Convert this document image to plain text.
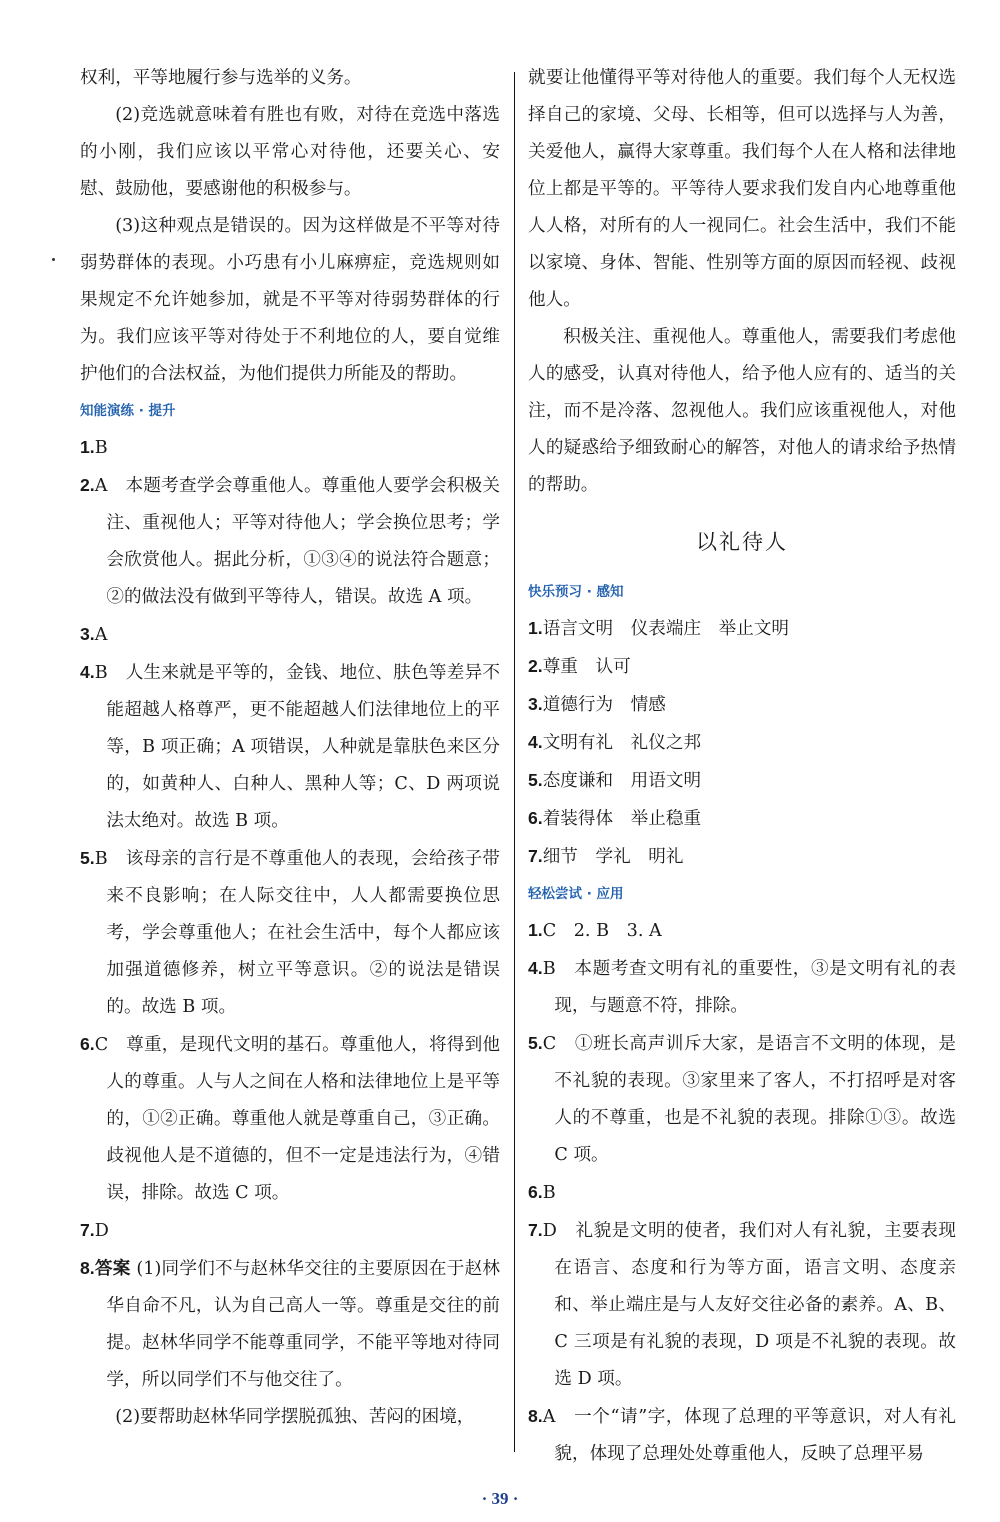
权利，平等地履行参与选举的义务。
(2)竞选就意味着有胜也有败，对待在竞选中落选的小刚，我们应该以平常心对待他，还要关心、安慰、鼓励他，要感谢他的积极参与。
(3)这种观点是错误的。因为这样做是不平等对待弱势群体的表现。小巧患有小儿麻痹症，竞选规则如果规定不允许她参加，就是不平等对待弱势群体的行为。我们应该平等对待处于不利地位的人，要自觉维护他们的合法权益，为他们提供力所能及的帮助。
知能演练 · 提升
1.B
2.A　本题考查学会尊重他人。尊重他人要学会积极关注、重视他人；平等对待他人；学会换位思考；学会欣赏他人。据此分析，①③④的说法符合题意；②的做法没有做到平等待人，错误。故选 A 项。
3.A
4.B　人生来就是平等的，金钱、地位、肤色等差异不能超越人格尊严，更不能超越人们法律地位上的平等，B 项正确；A 项错误，人种就是靠肤色来区分的，如黄种人、白种人、黑种人等；C、D 两项说法太绝对。故选 B 项。
5.B　该母亲的言行是不尊重他人的表现，会给孩子带来不良影响；在人际交往中，人人都需要换位思考，学会尊重他人；在社会生活中，每个人都应该加强道德修养，树立平等意识。②的说法是错误的。故选 B 项。
6.C　尊重，是现代文明的基石。尊重他人，将得到他人的尊重。人与人之间在人格和法律地位上是平等的，①②正确。尊重他人就是尊重自己，③正确。歧视他人是不道德的，但不一定是违法行为，④错误，排除。故选 C 项。
7.D
8.答案 (1)同学们不与赵林华交往的主要原因在于赵林华自命不凡，认为自己高人一等。尊重是交往的前提。赵林华同学不能尊重同学，不能平等地对待同学，所以同学们不与他交往了。
(2)要帮助赵林华同学摆脱孤独、苦闷的困境，
就要让他懂得平等对待他人的重要。我们每个人无权选择自己的家境、父母、长相等，但可以选择与人为善，关爱他人，赢得大家尊重。我们每个人在人格和法律地位上都是平等的。平等待人要求我们发自内心地尊重他人人格，对所有的人一视同仁。社会生活中，我们不能以家境、身体、智能、性别等方面的原因而轻视、歧视他人。
积极关注、重视他人。尊重他人，需要我们考虑他人的感受，认真对待他人，给予他人应有的、适当的关注，而不是冷落、忽视他人。我们应该重视他人，对他人的疑惑给予细致耐心的解答，对他人的请求给予热情的帮助。
以礼待人
快乐预习 · 感知
1.语言文明　仪表端庄　举止文明
2.尊重　认可
3.道德行为　情感
4.文明有礼　礼仪之邦
5.态度谦和　用语文明
6.着装得体　举止稳重
7.细节　学礼　明礼
轻松尝试 · 应用
1.C　2. B　3. A
4.B　本题考查文明有礼的重要性，③是文明有礼的表现，与题意不符，排除。
5.C　①班长高声训斥大家，是语言不文明的体现，是不礼貌的表现。③家里来了客人，不打招呼是对客人的不尊重，也是不礼貌的表现。排除①③。故选 C 项。
6.B
7.D　礼貌是文明的使者，我们对人有礼貌，主要表现在语言、态度和行为等方面，语言文明、态度亲和、举止端庄是与人友好交往必备的素养。A、B、C 三项是有礼貌的表现，D 项是不礼貌的表现。故选 D 项。
8.A　一个“请”字，体现了总理的平等意识，对人有礼貌，体现了总理处处尊重他人，反映了总理平易
· 39 ·
